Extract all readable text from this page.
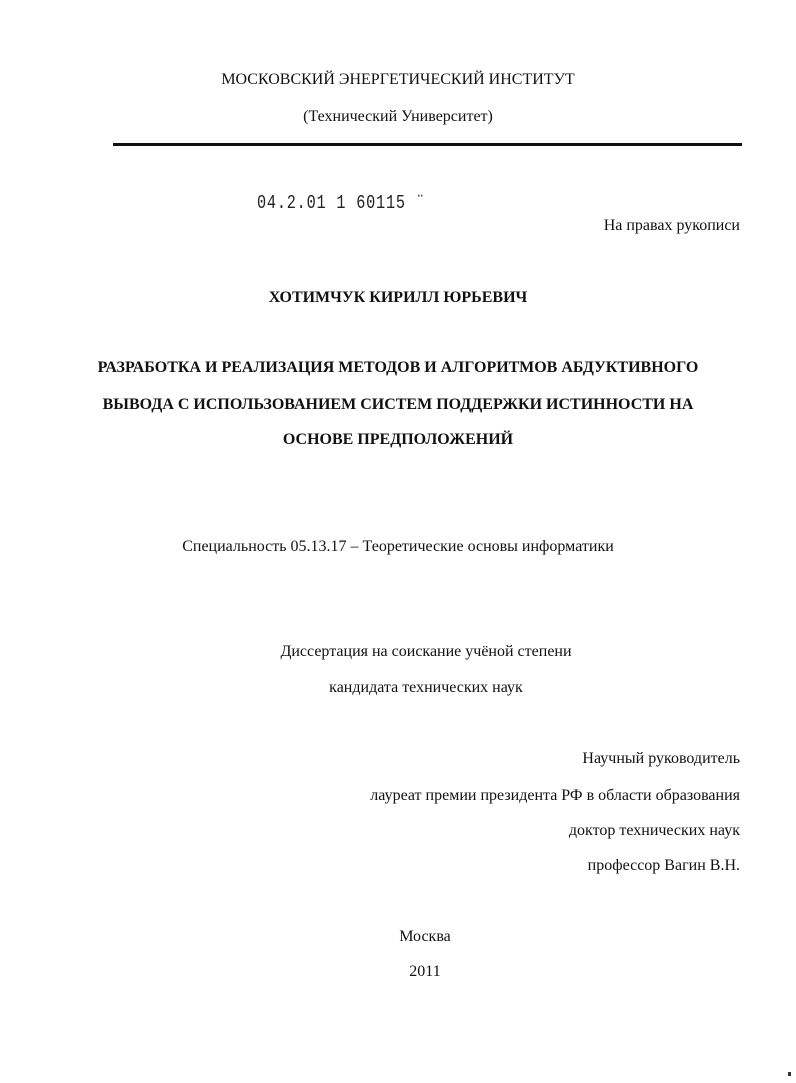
МОСКОВСКИЙ ЭНЕРГЕТИЧЕСКИЙ ИНСТИТУТ
(Технический Университет)
04.2.01 1 60115 ¨
На правах рукописи
ХОТИМЧУК КИРИЛЛ ЮРЬЕВИЧ
РАЗРАБОТКА И РЕАЛИЗАЦИЯ МЕТОДОВ И АЛГОРИТМОВ АБДУКТИВНОГО
ВЫВОДА С ИСПОЛЬЗОВАНИЕМ СИСТЕМ ПОДДЕРЖКИ ИСТИННОСТИ НА
ОСНОВЕ ПРЕДПОЛОЖЕНИЙ
Специальность 05.13.17 – Теоретические основы информатики
Диссертация на соискание учёной степени
кандидата технических наук
Научный руководитель
лауреат премии президента РФ в области образования
доктор технических наук
профессор Вагин В.Н.
Москва
2011
